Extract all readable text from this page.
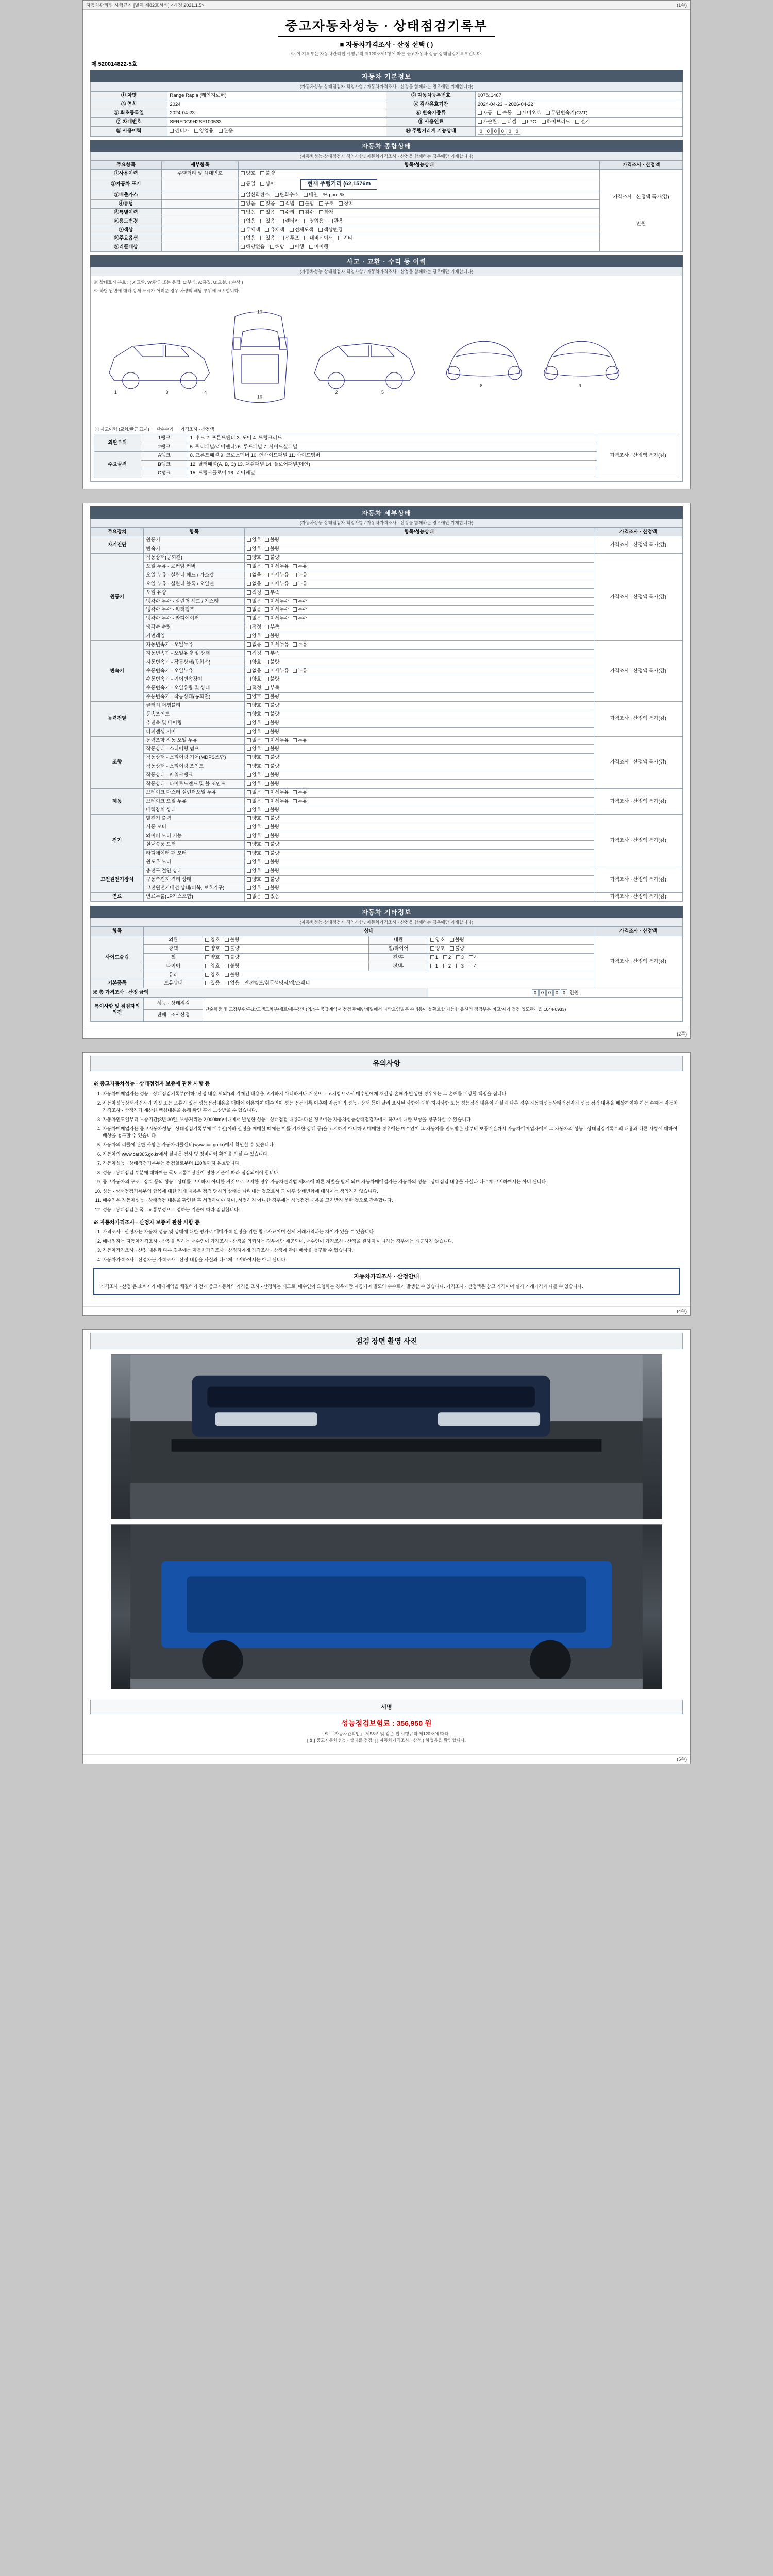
자동차관리법 시행규칙 [별지 제82호서식] <개정 2021.1.5>	(1쪽)
중고자동차성능 · 상태점검기록부
■ 자동차가격조사 · 산정 선택 ( )
※ 이 기록부는 자동차관리법 시행규칙 제120조제1항에 따른 중고자동차 성능·상태점검기록부입니다.
제 520014822-5호
자동차 기본정보
(자동차성능·상태점검자 책임사항 / 자동차가격조사 · 산정을 함께하는 경우에만 기재합니다)
① 차명	Range Rapla (레인지로버)	② 자동차등록번호	007노1467
③ 연식	2024	④ 검사유효기간	2024-04-23 ~ 2026-04-22
⑤ 최초등록일	2024-04-23	⑥ 변속기종류	자동 수동 세미오토 무단변속기(CVT)
⑦ 차대번호	SFRFDG9H2SF100533	⑧ 사용연료	가솔린 디젤 LPG 하이브리드 전기
⑬ 사용이력	렌터카 영업용 관용	⑭ 주행거리계 기능상태	0 0 0 0 0 0
자동차 종합상태
(자동차성능·상태점검자 책임사항 / 자동차가격조사 · 산정을 함께하는 경우에만 기재합니다)
주요항목	세부항목	항목/성능상태	가격조사 · 산정액
①사용이력	주행거리 및 차대번호	양호 불량	가격조사 · 산정액 특가(감)
만원

②자동차 표기		동일 상이 현재 주행거리 (62,1576m	
③배출가스		일산화탄소 탄화수소 매연 % ppm %	
④튜닝		없음 있음 적법 불법 구조 장치	
⑤특별이력		없음 있음 수리 침수 화재	
⑥용도변경		없음 있음 렌터카 영업용 관용	
⑦색상		무채색 유채색 전체도색 색상변경	
⑧주요옵션		없음 있음 선루프 내비게이션 기타	
⑨리콜대상		해당없음 해당 이행 미이행	
사고 · 교환 · 수리 등 이력
(자동차성능·상태점검자 책임사항 / 자동차가격조사 · 산정을 함께하는 경우에만 기재합니다)
※ 상태표시 부호 : ( X:교환, W:판금 또는 용접, C:부식, A:흠집, U:요철, T:손상 )
※ 하단 답변에 대해 상세 표시가 어려운 경우 차량의 해당 부위에 표시합니다.
1	3	4
10
16
2	5
8	9
① 사고이력 (교차/판금 표시) 단순수리 가격조사 · 산정액
외판부위	1랭크	1. 후드 2. 프론트팬더 3. 도어 4. 트렁크리드	가격조사 · 산정액 특가(감)
	2랭크	5. 쿼터패널(리어펜더) 6. 루프패널 7. 사이드실패널	
주요골격	A랭크	8. 프론트패널 9. 크로스멤버 10. 인사이드패널 11. 사이드멤버	
	B랭크	12. 필러패널(A, B, C) 13. 대쉬패널 14. 플로어패널(메인)	
	C랭크	15. 트렁크플로어 16. 리어패널	
자동차 세부상태
(자동차성능·상태점검자 책임사항 / 자동차가격조사 · 산정을 함께하는 경우에만 기재합니다)
주요장치	항목	항목/성능상태	가격조사 · 산정액
자기진단	원동기	양호 불량	가격조사 · 산정액 특가(감)
	변속기	양호 불량	
원동기	작동상태(공회전)	양호 불량	가격조사 · 산정액 특가(감)
	오일 누유 - 로커암 커버	없음 미세누유 누유	
	오일 누유 - 실린더 헤드 / 가스켓	없음 미세누유 누유	
	오일 누유 - 실린더 블록 / 오일팬	없음 미세누유 누유	
	오일 유량	적정 부족	
	냉각수 누수 - 실린더 헤드 / 가스켓	없음 미세누수 누수	
	냉각수 누수 - 워터펌프	없음 미세누수 누수	
	냉각수 누수 - 라디에이터	없음 미세누수 누수	
	냉각수 수량	적정 부족	
	커먼레일	양호 불량	
변속기	자동변속기 - 오일누유	없음 미세누유 누유	가격조사 · 산정액 특가(감)
	자동변속기 - 오일유량 및 상태	적정 부족	
	자동변속기 - 작동상태(공회전)	양호 불량	
	수동변속기 - 오일누유	없음 미세누유 누유	
	수동변속기 - 기어변속장치	양호 불량	
	수동변속기 - 오일유량 및 상태	적정 부족	
	수동변속기 - 작동상태(공회전)	양호 불량	
동력전달	클러치 어셈블리	양호 불량	가격조사 · 산정액 특가(감)
	등속조인트	양호 불량	
	추진축 및 베어링	양호 불량	
	디퍼렌셜 기어	양호 불량	
조향	동력조향 작동 오일 누유	없음 미세누유 누유	가격조사 · 산정액 특가(감)
	작동상태 - 스티어링 펌프	양호 불량	
	작동상태 - 스티어링 기어(MDPS포함)	양호 불량	
	작동상태 - 스티어링 조인트	양호 불량	
	작동상태 - 파워크랭크	양호 불량	
	작동상태 - 타이로드엔드 및 볼 조인트	양호 불량	
제동	브레이크 마스터 실린더오일 누유	없음 미세누유 누유	가격조사 · 산정액 특가(감)
	브레이크 오일 누유	없음 미세누유 누유	
	배력장치 상태	양호 불량	
전기	발전기 출력	양호 불량	가격조사 · 산정액 특가(감)
	시동 모터	양호 불량	
	와이퍼 모터 기능	양호 불량	
	실내송풍 모터	양호 불량	
	라디에이터 팬 모터	양호 불량	
	윈도우 모터	양호 불량	
고전원전기장치	충전구 절연 상태	양호 불량	가격조사 · 산정액 특가(감)
	구동축전지 격리 상태	양호 불량	
	고전원전기배선 상태(피복, 보호기구)	양호 불량	
연료	연료누출(LP가스포함)	없음 있음	가격조사 · 산정액 특가(감)
자동차 기타정보
(자동차성능·상태점검자 책임사항 / 자동차가격조사 · 산정을 함께하는 경우에만 기재합니다)
항목	상태				가격조사 · 산정액
사이드슬립	외관	양호 불량	내관	양호 불량	가격조사 · 산정액 특가(감)
	광택	양호 불량	휠/타이어	양호 불량	
	휠	양호 불량	전/후	1 2 3 4	
	타이어	양호 불량	전/후	1 2 3 4	
	유리	양호 불량			
기본품목	보유상태	있음 없음 안전벨트/취급설명서/잭/스패너			
※ 총 가격조사 · 산정 금액	0 0 0 0 0 천원
특이사항 및 점검자의 의견	성능 · 상태점검	단순하중 및 도장부위/특소/도색도차부/세트/세부장치(외/4부 중급계약서 점검 판매단계별에서 파악오염별은 수리동이 불확보할 가능한 옵션의 점검부분 비고/자기 점검 업도관리을 1044-0933)			
	판매 · 조사산정				
(2쪽)
유의사항
※ 중고자동차성능 · 상태점검자 보증에 관한 사항 등
1. 자동차매매업자는 성능 · 상태점검기록부(이하 "산정 내용 제외")의 기재된 내용을 고지하지 아니하거나 거짓으로 고지함으로써 매수인에게 재산상 손해가 발생한 경우에는 그 손해를 배상할 책임을 집니다.
2. 자동차성능상태점검자가 거짓 또는 오류가 있는 성능점검내용을 매매에 이용하여 매수인이 성능 점검기록 이후에 자동차의 성능 · 상태 등이 달리 표시된 사항에 대한 하자사항 또는 성능점검 내용이 사실과 다른 경우 자동차성능상태점검자가 성능 점검 내용을 배상하여야 하는 손해는 자동차가격조사 · 산정자가 계산한 핵심내용을 통해 확인 후에 보상받을 수 있습니다.
3. 자동차인도일부터 보증기간(3년 30일, 보증거리는 2,000km)이내에서 발생한 성능 · 상태점검 내용과 다른 경우에는 자동차성능상태점검자에게 하자에 대한 보상을 청구하실 수 있습니다.
4. 자동차매매업자는 중고자동차성능 · 상태점검기록부에 매수인(이하 산정을 매매할 때에는 이를 기재한 상태 등)을 고지하지 아니하고 매매한 경우에는 매수인이 그 자동차를 인도받은 날부터 보증기간까지 자동차매매업자에게 그 자동차의 성능 · 상태점검기록부의 내용과 다른 사항에 대하여 배상을 청구할 수 있습니다.
5. 자동차의 리콜에 관한 사항은 자동차리콜센터(www.car.go.kr)에서 확인할 수 있습니다.
6. 자동차의 www.car365.go.kr에서 실제를 검사 및 정비이력 확인을 하실 수 있습니다.
7. 자동차성능 · 상태점검기록부는 점검일로부터 120일까지 유효합니다.
8. 성능 · 상태점검 부분에 대하여는 국토교통부장관이 정한 기준에 따라 점검되어야 합니다.
9. 중고자동차의 구조 · 장치 등의 성능 · 상태를 고지하지 아니한 거짓으로 고지한 경우 자동차관리법 제8조에 따른 처벌을 받게 되며 자동차매매업자는 자동차의 성능 · 상태점검 내용을 사실과 다르게 고지하여서는 아니 됩니다.
10. 성능 · 상태점검기록부의 항목에 대한 기재 내용은 점검 당시의 상태를 나타내는 것으로서 그 이후 상태변화에 대하여는 책임지지 않습니다.
11. 매수인은 자동차성능 · 상태점검 내용을 확인한 후 서명하여야 하며, 서명하지 아니한 경우에는 성능점검 내용을 고지받지 못한 것으로 간주합니다.
12. 성능 · 상태점검은 국토교통부령으로 정하는 기준에 따라 점검합니다.
※ 자동차가격조사 · 산정자 보증에 관한 사항 등
1. 가격조사 · 산정자는 자동차 성능 및 상태에 대한 평가로 매매가격 산정을 위한 참고자료이며 실제 거래가격과는 차이가 있을 수 있습니다.
2. 매매업자는 자동차가격조사 · 산정을 원하는 매수인이 가격조사 · 산정을 의뢰하는 경우에만 제공되며, 매수인이 가격조사 · 산정을 원하지 아니하는 경우에는 제공하지 않습니다.
3. 자동차가격조사 · 산정 내용과 다른 경우에는 자동차가격조사 · 산정자에게 가격조사 · 산정에 관한 배상을 청구할 수 있습니다.
4. 자동차가격조사 · 산정자는 가격조사 · 산정 내용을 사실과 다르게 고지하여서는 아니 됩니다.
자동차가격조사 · 산정안내
"가격조사 · 산정"은 소비자가 매매계약을 체결하기 전에 중고자동차의 가격을 조사 · 산정하는 제도로, 매수인이 요청하는 경우에만 제공되며 별도의 수수료가 발생할 수 있습니다. 가격조사 · 산정액은 참고 가격이며 실제 거래가격과 다를 수 있습니다.
(4쪽)
점검 장면 촬영 사진
서명
성능점검보험료 : 356,950 원
※ 「자동차관리법」 제58조 및 같은 법 시행규칙 제120조에 따라
[ ⊻ ] 중고자동차성능 · 상태를 점검, [ ] 자동차가격조사 · 산정 } 하였음을 확인합니다.
(5쪽)
